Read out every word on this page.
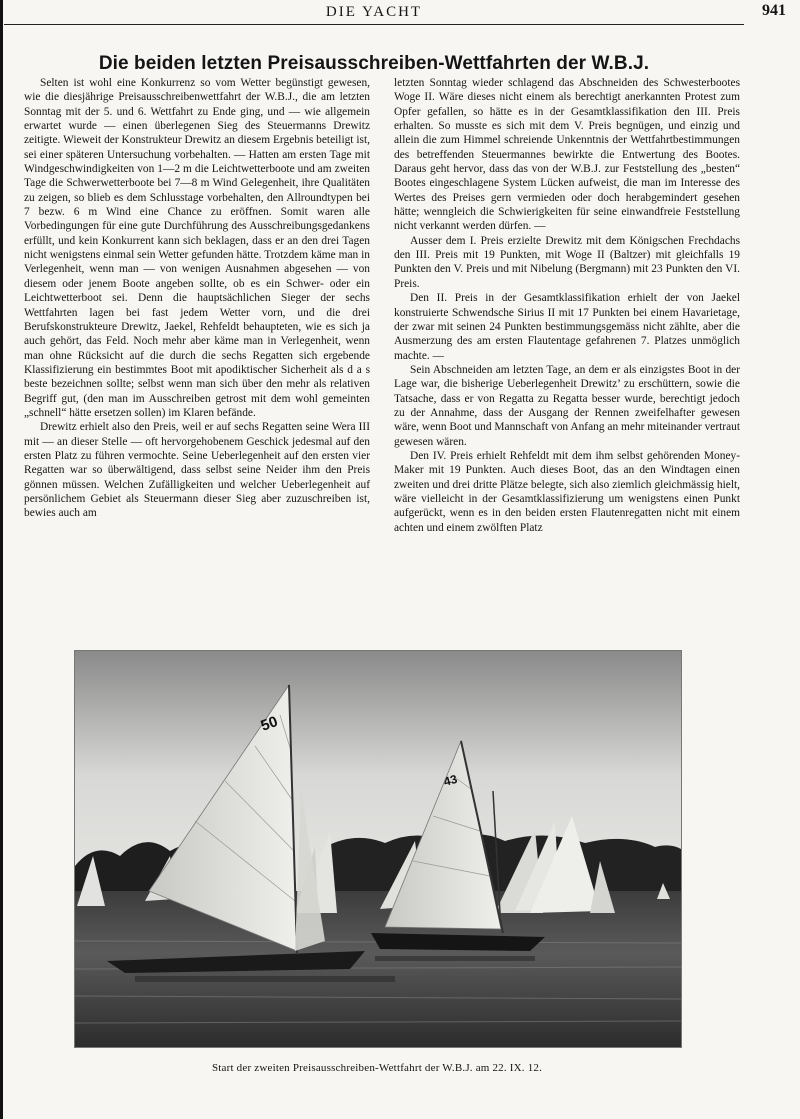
DIE YACHT	941
Die beiden letzten Preisausschreiben-Wettfahrten der W.B.J.

Selten ist wohl eine Konkurrenz so vom Wetter begünstigt gewesen, wie die diesjährige Preisausschreibenwettfahrt der W.B.J., die am letzten Sonntag mit der 5. und 6. Wettfahrt zu Ende ging, und — wie allgemein erwartet wurde — einen überlegenen Sieg des Steuermanns Drewitz zeitigte. Wieweit der Konstrukteur Drewitz an diesem Ergebnis beteiligt ist, sei einer späteren Untersuchung vorbehalten. — Hatten am ersten Tage mit Windgeschwindigkeiten von 1—2 m die Leichtwetterboote und am zweiten Tage die Schwerwetterboote bei 7—8 m Wind Gelegenheit, ihre Qualitäten zu zeigen, so blieb es dem Schlusstage vorbehalten, den Allroundtypen bei 7 bezw. 6 m Wind eine Chance zu eröffnen. Somit waren alle Vorbedingungen für eine gute Durchführung des Ausschreibungsgedankens erfüllt, und kein Konkurrent kann sich beklagen, dass er an den drei Tagen nicht wenigstens einmal sein Wetter gefunden hätte. Trotzdem käme man in Verlegenheit, wenn man — von wenigen Ausnahmen abgesehen — von diesem oder jenem Boote angeben sollte, ob es ein Schwer- oder ein Leichtwetterboot sei. Denn die hauptsächlichen Sieger der sechs Wettfahrten lagen bei fast jedem Wetter vorn, und die drei Berufskonstrukteure Drewitz, Jaekel, Rehfeldt behaupteten, wie es sich ja auch gehört, das Feld. Noch mehr aber käme man in Verlegenheit, wenn man ohne Rücksicht auf die durch die sechs Regatten sich ergebende Klassifizierung ein bestimmtes Boot mit apodiktischer Sicherheit als d a s beste bezeichnen sollte; selbst wenn man sich über den mehr als relativen Begriff gut, (den man im Ausschreiben getrost mit dem wohl gemeinten „schnell“ hätte ersetzen sollen) im Klaren befände.

Drewitz erhielt also den Preis, weil er auf sechs Regatten seine Wera III mit — an dieser Stelle — oft hervorgehobenem Geschick jedesmal auf den ersten Platz zu führen vermochte. Seine Ueberlegenheit auf den ersten vier Regatten war so überwältigend, dass selbst seine Neider ihm den Preis gönnen müssen. Welchen Zufälligkeiten und welcher Ueberlegenheit auf persönlichem Gebiet als Steuermann dieser Sieg aber zuzuschreiben ist, bewies auch am

letzten Sonntag wieder schlagend das Abschneiden des Schwesterbootes Woge II. Wäre dieses nicht einem als berechtigt anerkannten Protest zum Opfer gefallen, so hätte es in der Gesamtklassifikation den III. Preis erhalten. So musste es sich mit dem V. Preis begnügen, und einzig und allein die zum Himmel schreiende Unkenntnis der Wettfahrtbestimmungen des betreffenden Steuermannes bewirkte die Entwertung des Bootes. Daraus geht hervor, dass das von der W.B.J. zur Feststellung des „besten“ Bootes eingeschlagene System Lücken aufweist, die man im Interesse des Wertes des Preises gern vermieden oder doch herabgemindert gesehen hätte; wenngleich die Schwierigkeiten für seine einwandfreie Feststellung nicht verkannt werden dürfen. —

Ausser dem I. Preis erzielte Drewitz mit dem Königschen Frechdachs den III. Preis mit 19 Punkten, mit Woge II (Baltzer) mit gleichfalls 19 Punkten den V. Preis und mit Nibelung (Bergmann) mit 23 Punkten den VI. Preis.

Den II. Preis in der Gesamtklassifikation erhielt der von Jaekel konstruierte Schwendsche Sirius II mit 17 Punkten bei einem Havarietage, der zwar mit seinen 24 Punkten bestimmungsgemäss nicht zählte, aber die Ausmerzung des am ersten Flautentage gefahrenen 7. Platzes unmöglich machte. —

Sein Abschneiden am letzten Tage, an dem er als einzigstes Boot in der Lage war, die bisherige Ueberlegenheit Drewitz’ zu erschüttern, sowie die Tatsache, dass er von Regatta zu Regatta besser wurde, berechtigt jedoch zu der Annahme, dass der Ausgang der Rennen zweifelhafter gewesen wäre, wenn Boot und Mannschaft von Anfang an mehr miteinander vertraut gewesen wären.

Den IV. Preis erhielt Rehfeldt mit dem ihm selbst gehörenden Money-Maker mit 19 Punkten. Auch dieses Boot, das an den Windtagen einen zweiten und drei dritte Plätze belegte, sich also ziemlich gleichmässig hielt, wäre vielleicht in der Gesamtklassifizierung um wenigstens einen Punkt aufgerückt, wenn es in den beiden ersten Flautenregatten nicht mit einem achten und einem zwölften Platz

50
43
Start der zweiten Preisausschreiben-Wettfahrt der W.B.J. am 22. IX. 12.
